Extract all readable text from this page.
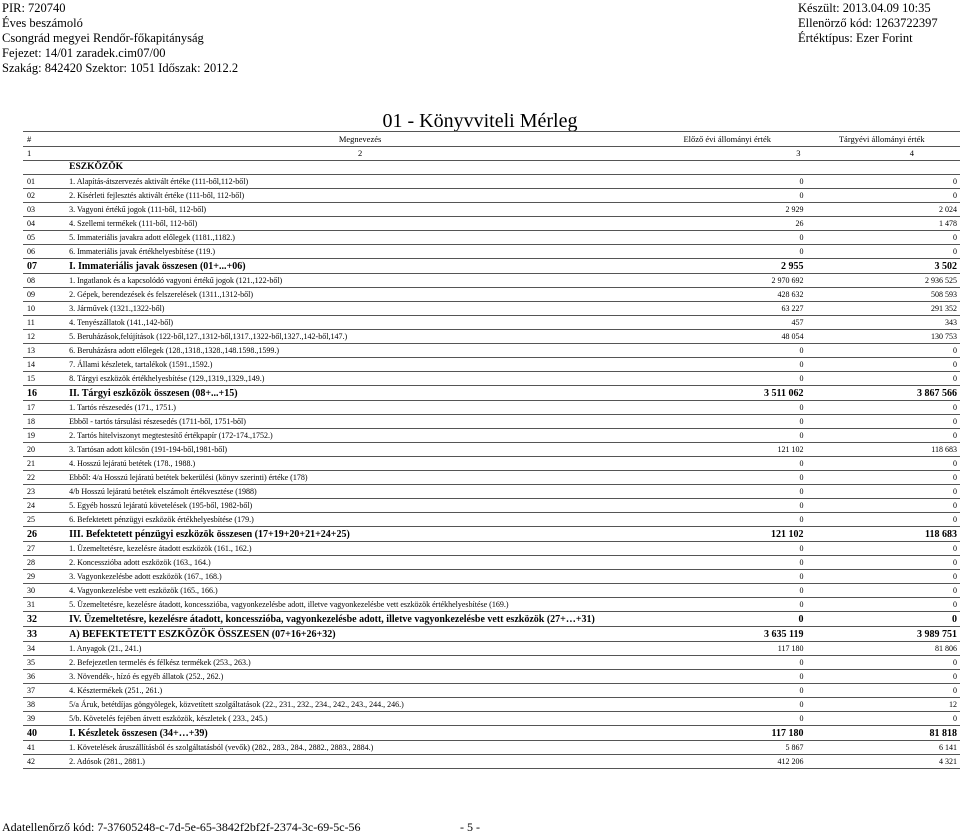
PIR: 720740
Éves beszámoló
Csongrád megyei Rendőr-főkapitányság
Fejezet: 14/01 zaradek.cim07/00
Szakág: 842420 Szektor: 1051 Időszak: 2012.2
Készült: 2013.04.09 10:35
Ellenörző kód: 1263722397
Értéktípus: Ezer Forint
01 - Könyvviteli Mérleg
#	Megnevezés	Előző évi állományi érték	Tárgyévi állományi érték
1	2	3	4
	ESZKÖZÖK		
01	1. Alapítás-átszervezés aktivált értéke (111-ből,112-ből)	0	0
02	2. Kísérleti fejlesztés aktivált értéke (111-ből, 112-ből)	0	0
03	3. Vagyoni értékű jogok (111-ből, 112-ből)	2 929	2 024
04	4. Szellemi termékek (111-ből, 112-ből)	26	1 478
05	5. Immateriális javakra adott előlegek (1181.,1182.)	0	0
06	6. Immateriális javak értékhelyesbítése (119.)	0	0
07	I. Immateriális javak összesen (01+...+06)	2 955	3 502
08	1. Ingatlanok és a kapcsolódó vagyoni értékű jogok (121.,122-ből)	2 970 692	2 936 525
09	2. Gépek, berendezések és felszerelések (1311.,1312-ből)	428 632	508 593
10	3. Járművek (1321.,1322-ből)	63 227	291 352
11	4. Tenyészállatok (141.,142-ből)	457	343
12	5. Beruházások,felújítások (122-ből,127.,1312-ből,1317.,1322-ből,1327.,142-ből,147.)	48 054	130 753
13	6. Beruházásra adott előlegek (128.,1318.,1328.,148.1598.,1599.)	0	0
14	7. Állami készletek, tartalékok (1591.,1592.)	0	0
15	8. Tárgyi eszközök értékhelyesbítése (129.,1319.,1329.,149.)	0	0
16	II. Tárgyi eszközök összesen (08+...+15)	3 511 062	3 867 566
17	1. Tartós részesedés (171., 1751.)	0	0
18	Ebből - tartós társulási részesedés (1711-ből, 1751-ből)	0	0
19	2. Tartós hitelviszonyt megtestesítő értékpapír (172-174.,1752.)	0	0
20	3. Tartósan adott kölcsön (191-194-ből,1981-ből)	121 102	118 683
21	4. Hosszú lejáratú betétek (178., 1988.)	0	0
22	Ebből: 4/a Hosszú lejáratú betétek bekerülési (könyv szerinti) értéke (178)	0	0
23	4/b Hosszú lejáratú betétek elszámolt értékvesztése (1988)	0	0
24	5. Egyéb hosszú lejáratú követelések (195-ből, 1982-ből)	0	0
25	6. Befektetett pénzügyi eszközök értékhelyesbítése (179.)	0	0
26	III. Befektetett pénzügyi eszközök összesen (17+19+20+21+24+25)	121 102	118 683
27	1. Üzemeltetésre, kezelésre átadott eszközök (161., 162.)	0	0
28	2. Koncesszióba adott eszközök (163., 164.)	0	0
29	3. Vagyonkezelésbe adott eszközök (167., 168.)	0	0
30	4. Vagyonkezelésbe vett eszközök (165., 166.)	0	0
31	5. Üzemeltetésre, kezelésre átadott, koncesszióba, vagyonkezelésbe adott, illetve vagyonkezelésbe vett eszközök értékhelyesbítése (169.)	0	0
32	IV. Üzemeltetésre, kezelésre átadott, koncesszióba, vagyonkezelésbe adott, illetve vagyonkezelésbe vett eszközök (27+…+31)	0	0
33	A) BEFEKTETETT ESZKÖZÖK ÖSSZESEN (07+16+26+32)	3 635 119	3 989 751
34	1. Anyagok (21., 241.)	117 180	81 806
35	2. Befejezetlen termelés és félkész termékek (253., 263.)	0	0
36	3. Növendék-, hízó és egyéb állatok (252., 262.)	0	0
37	4. Késztermékek (251., 261.)	0	0
38	5/a Áruk, betétdíjas göngyölegek, közvetített szolgáltatások (22., 231., 232., 234., 242., 243., 244., 246.)	0	12
39	5/b. Követelés fejében átvett eszközök, készletek ( 233., 245.)	0	0
40	I. Készletek összesen (34+…+39)	117 180	81 818
41	1. Követelések áruszállításból és szolgáltatásból (vevők) (282., 283., 284., 2882., 2883., 2884.)	5 867	6 141
42	2. Adósok (281., 2881.)	412 206	4 321
Adatellenőrző kód: 7-37605248-c-7d-5e-65-3842f2bf2f-2374-3c-69-5c-56	- 5 -
